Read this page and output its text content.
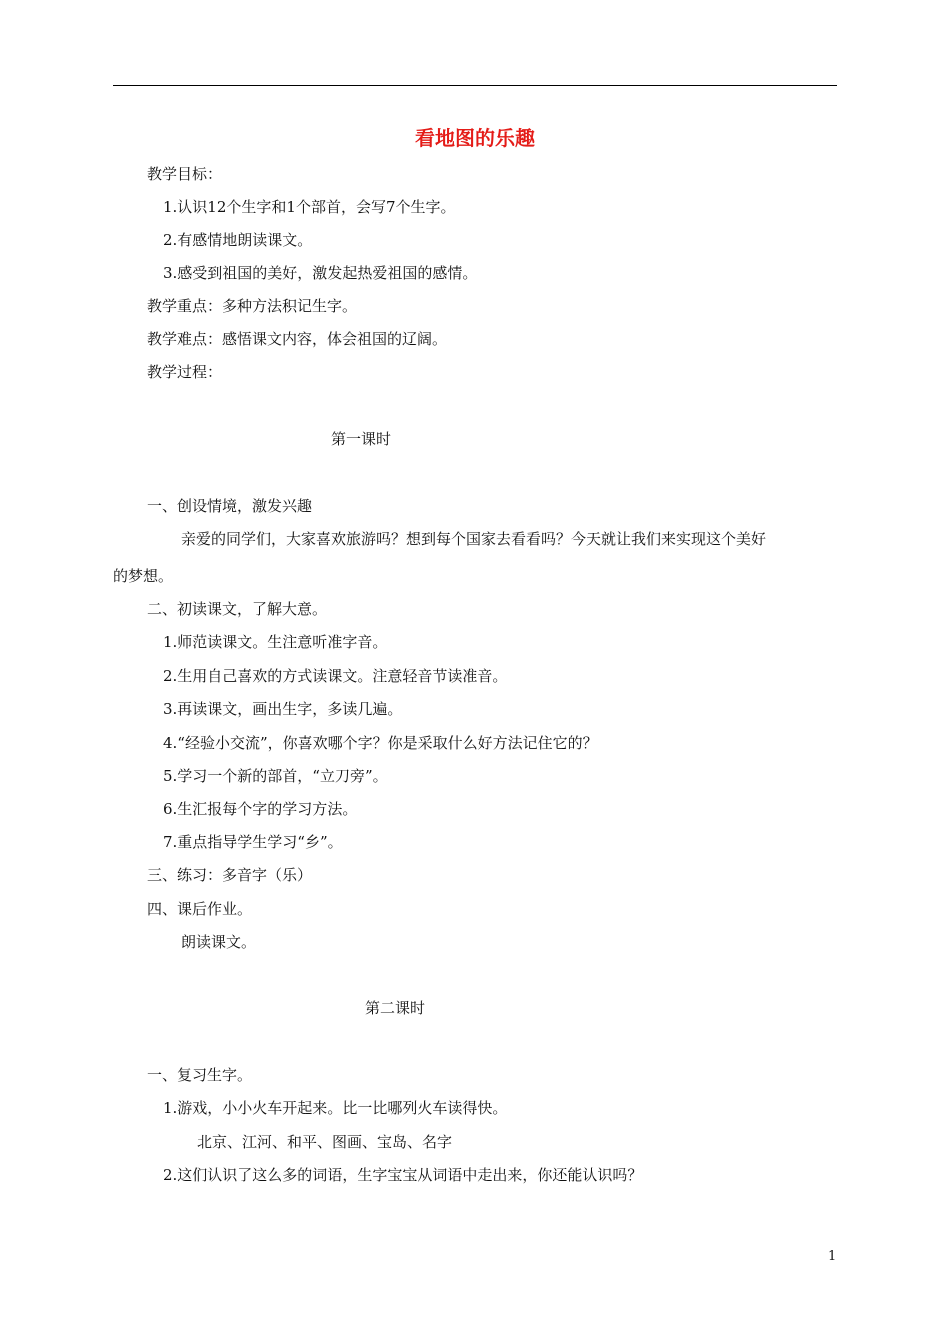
看地图的乐趣
教学目标：
1.认识12个生字和1个部首，会写7个生字。
2.有感情地朗读课文。
3.感受到祖国的美好，激发起热爱祖国的感情。
教学重点：多种方法积记生字。
教学难点：感悟课文内容，体会祖国的辽阔。
教学过程：
第一课时
一、创设情境，激发兴趣
亲爱的同学们，大家喜欢旅游吗？想到每个国家去看看吗？今天就让我们来实现这个美好
的梦想。
二、初读课文，了解大意。
1.师范读课文。生注意听准字音。
2.生用自己喜欢的方式读课文。注意轻音节读准音。
3.再读课文，画出生字，多读几遍。
4.“经验小交流”，你喜欢哪个字？你是采取什么好方法记住它的？
5.学习一个新的部首，“立刀旁”。
6.生汇报每个字的学习方法。
7.重点指导学生学习“乡”。
三、练习：多音字（乐）
四、课后作业。
朗读课文。
第二课时
一、复习生字。
1.游戏，小小火车开起来。比一比哪列火车读得快。
北京、江河、和平、图画、宝岛、名字
2.这们认识了这么多的词语，生字宝宝从词语中走出来，你还能认识吗？
1
